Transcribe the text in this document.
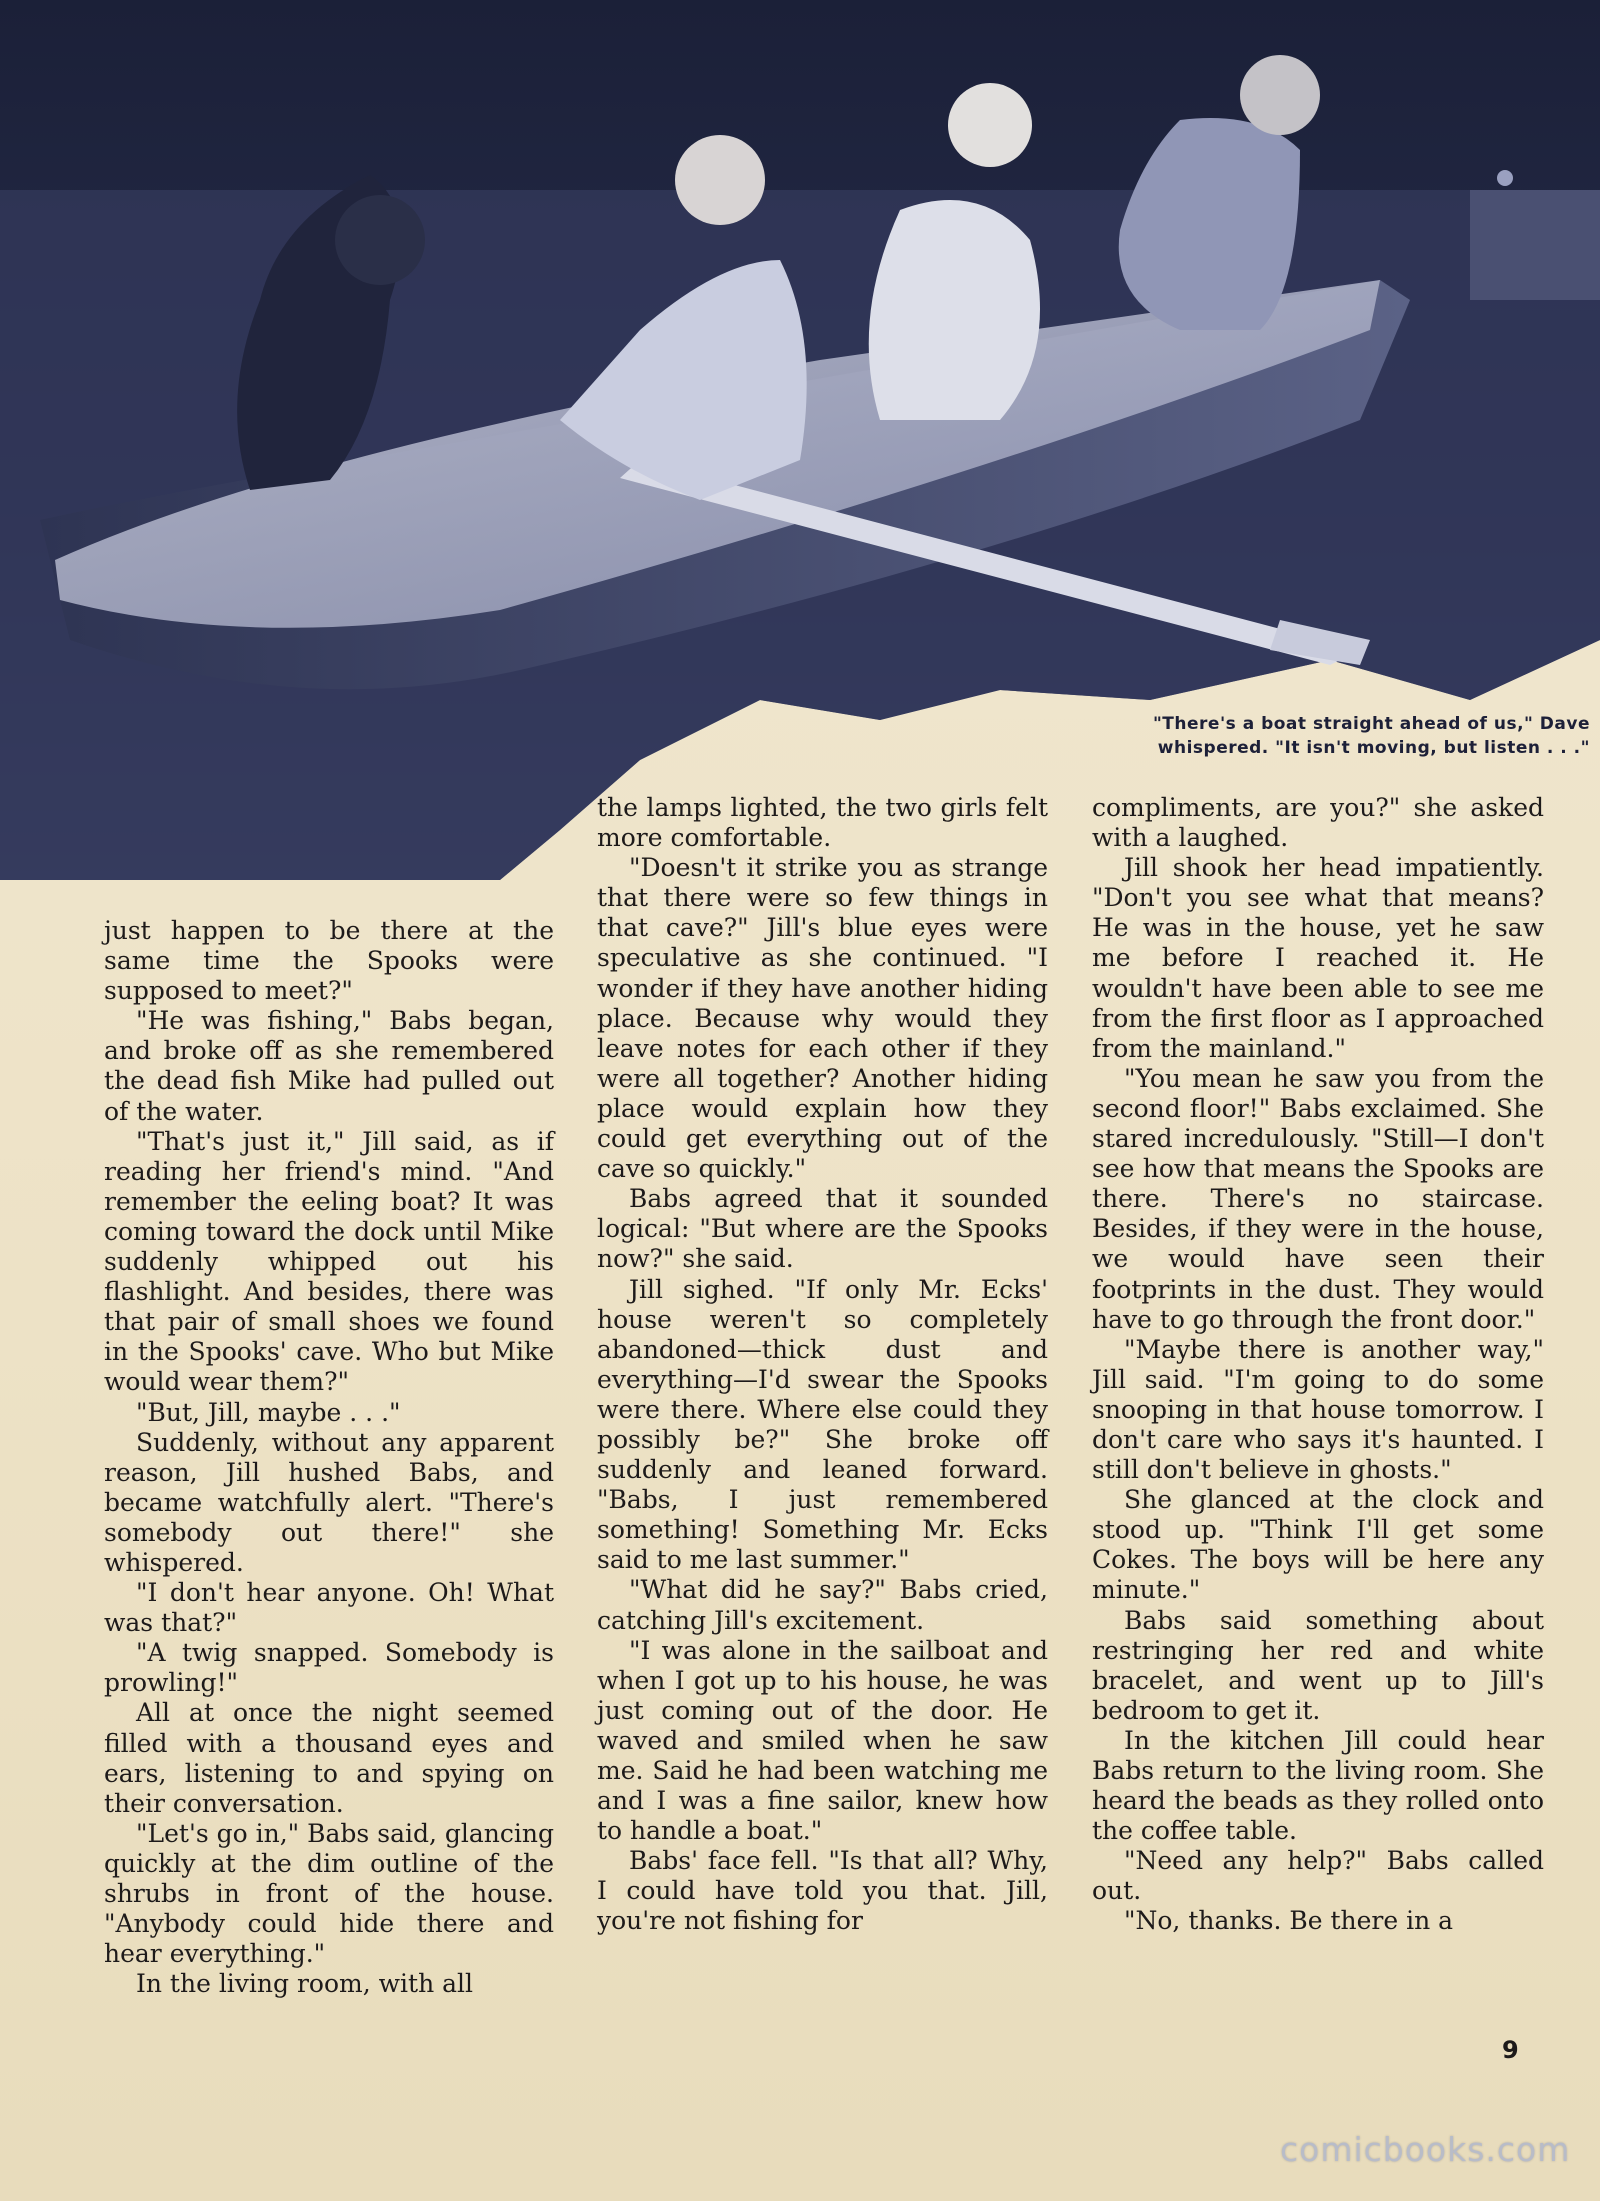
"There's a boat straight ahead of us," Dave
whispered. "It isn't moving, but listen . . ."

just happen to be there at the same time the Spooks were supposed to meet?"

"He was fishing," Babs began, and broke off as she remembered the dead fish Mike had pulled out of the water.

"That's just it," Jill said, as if reading her friend's mind. "And remember the eeling boat? It was coming toward the dock until Mike suddenly whipped out his flashlight. And besides, there was that pair of small shoes we found in the Spooks' cave. Who but Mike would wear them?"

"But, Jill, maybe . . ."

Suddenly, without any apparent reason, Jill hushed Babs, and became watchfully alert. "There's somebody out there!" she whispered.

"I don't hear anyone. Oh! What was that?"

"A twig snapped. Somebody is prowling!"

All at once the night seemed filled with a thousand eyes and ears, listening to and spying on their conversation.

"Let's go in," Babs said, glancing quickly at the dim outline of the shrubs in front of the house. "Anybody could hide there and hear everything."

In the living room, with all

the lamps lighted, the two girls felt more comfortable.

"Doesn't it strike you as strange that there were so few things in that cave?" Jill's blue eyes were speculative as she continued. "I wonder if they have another hiding place. Because why would they leave notes for each other if they were all together? Another hiding place would explain how they could get everything out of the cave so quickly."

Babs agreed that it sounded logical: "But where are the Spooks now?" she said.

Jill sighed. "If only Mr. Ecks' house weren't so completely abandoned—thick dust and everything—I'd swear the Spooks were there. Where else could they possibly be?" She broke off suddenly and leaned forward. "Babs, I just remembered something! Something Mr. Ecks said to me last summer."

"What did he say?" Babs cried, catching Jill's excitement.

"I was alone in the sailboat and when I got up to his house, he was just coming out of the door. He waved and smiled when he saw me. Said he had been watching me and I was a fine sailor, knew how to handle a boat."

Babs' face fell. "Is that all? Why, I could have told you that. Jill, you're not fishing for

compliments, are you?" she asked with a laughed.

Jill shook her head impatiently. "Don't you see what that means? He was in the house, yet he saw me before I reached it. He wouldn't have been able to see me from the first floor as I approached from the mainland."

"You mean he saw you from the second floor!" Babs exclaimed. She stared incredulously. "Still—I don't see how that means the Spooks are there. There's no staircase. Besides, if they were in the house, we would have seen their footprints in the dust. They would have to go through the front door."

"Maybe there is another way," Jill said. "I'm going to do some snooping in that house tomorrow. I don't care who says it's haunted. I still don't believe in ghosts."

She glanced at the clock and stood up. "Think I'll get some Cokes. The boys will be here any minute."

Babs said something about restringing her red and white bracelet, and went up to Jill's bedroom to get it.

In the kitchen Jill could hear Babs return to the living room. She heard the beads as they rolled onto the coffee table.

"Need any help?" Babs called out.

"No, thanks. Be there in a

9
comicbooks.com
